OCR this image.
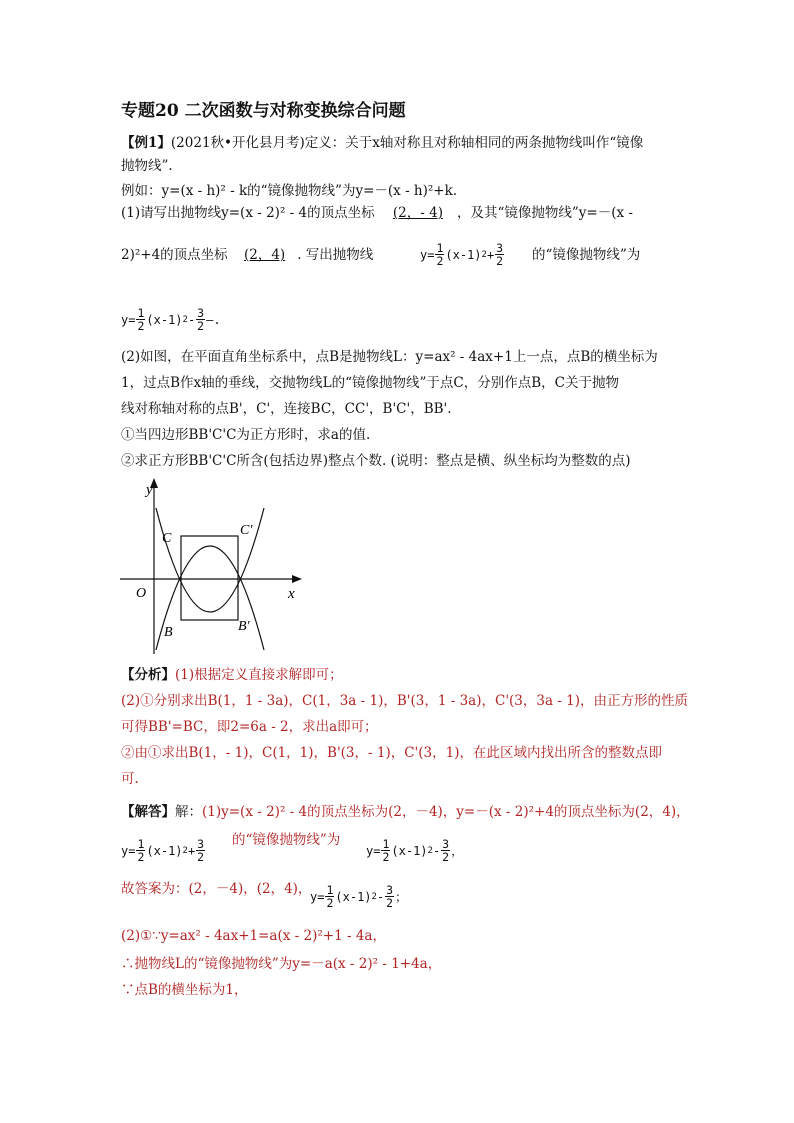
专题20 二次函数与对称变换综合问题
【例1】(2021秋•开化县月考)定义：关于x轴对称且对称轴相同的两条抛物线叫作“镜像
抛物线”.
例如：y=(x - h)² - k的“镜像抛物线”为y=－(x - h)²+k.
(1)请写出抛物线y=(x - 2)² - 4的顶点坐标 (2，- 4) ，及其“镜像抛物线”y=－(x -
2)²+4的顶点坐标 (2，4) . 写出抛物线	$y= \frac{1}{2} (x-1) 2 + \frac{3}{2}$ 的“镜像抛物线”为
$y= \frac{1}{2} (x-1)$ $2 - \frac{3}{2}$ —.
(2)如图，在平面直角坐标系中，点B是抛物线L：y=ax² - 4ax+1上一点，点B的横坐标为
1，过点B作x轴的垂线，交抛物线L的“镜像抛物线”于点C，分别作点B，C关于抛物
线对称轴对称的点B'，C'，连接BC，CC'，B'C'，BB'.
①当四边形BB'C'C为正方形时，求a的值.
②求正方形BB'C'C所含(包括边界)整点个数. (说明：整点是横、纵坐标均为整数的点)
y
x
O
C
C′
B	B′
【分析】(1)根据定义直接求解即可；
(2)①分别求出B(1，1 - 3a)，C(1，3a - 1)，B'(3，1 - 3a)，C'(3，3a - 1)，由正方形的性质
可得BB'=BC，即2=6a - 2，求出a即可；
②由①求出B(1，- 1)，C(1，1)，B'(3，- 1)，C'(3，1)，在此区域内找出所含的整数点即
可.
【解答】解：(1)y=(x - 2)² - 4的顶点坐标为(2，－4)，y=－(x - 2)²+4的顶点坐标为(2，4)，
$y= \frac{1}{2} (x-1) 2 + \frac{3}{2}$ 的“镜像抛物线”为
$y= \frac{1}{2} (x-1)$ $2 - \frac{3}{2}$ ，
故答案为：(2，－4)，(2，4)，
$y= \frac{1}{2} (x-1)$ $2 - \frac{3}{2}$ ；
(2)①∵y=ax² - 4ax+1=a(x - 2)²+1 - 4a，
∴抛物线L的“镜像抛物线”为y=－a(x - 2)² - 1+4a，
∵点B的横坐标为1，
